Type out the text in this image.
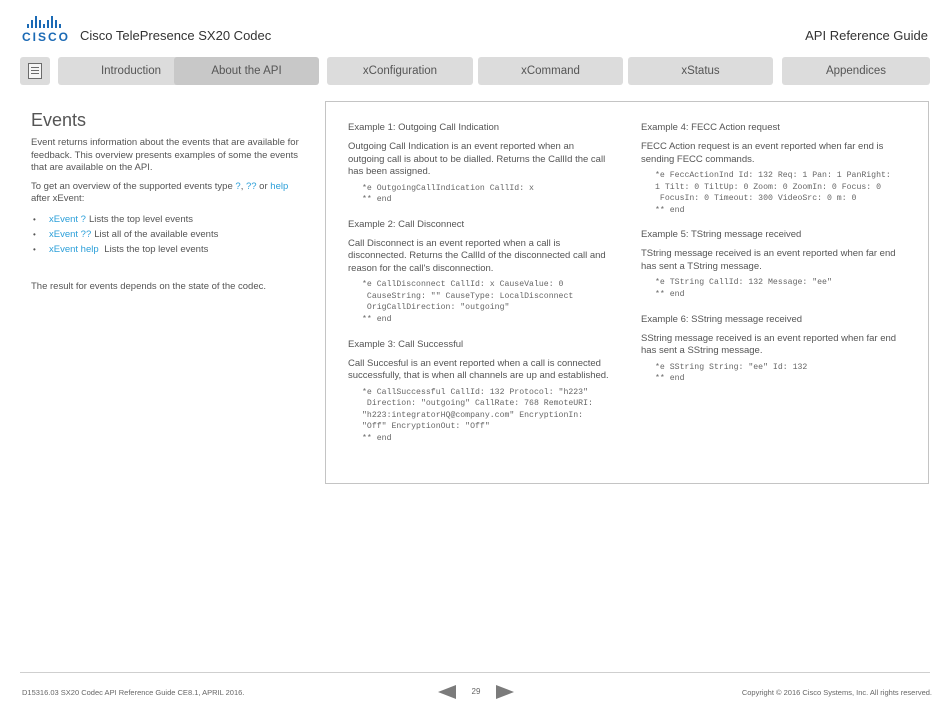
CISCO Cisco TelePresence SX20 Codec	API Reference Guide
Introduction	About the API	xConfiguration	xCommand	xStatus	Appendices
Events

Event returns information about the events that are available for feedback. This overview presents examples of some the events that are available on the API.

To get an overview of the supported events type ?, ?? or help after xEvent:

• xEvent ? Lists the top level events
• xEvent ?? List all of the available events
• xEvent help Lists the top level events

The result for events depends on the state of the codec.

Example 1: Outgoing Call Indication
Outgoing Call Indication is an event reported when an outgoing call is about to be dialled. Returns the CallId the call has been assigned.
*e OutgoingCallIndication CallId: x
** end
Example 2: Call Disconnect
Call Disconnect is an event reported when a call is disconnected. Returns the CallId of the disconnected call and reason for the call's disconnection.
*e CallDisconnect CallId: x CauseValue: 0
CauseString: "" CauseType: LocalDisconnect
OrigCallDirection: "outgoing"
** end
Example 3: Call Successful
Call Succesful is an event reported when a call is connected successfully, that is when all channels are up and established.
*e CallSuccessful CallId: 132 Protocol: "h223"
Direction: "outgoing" CallRate: 768 RemoteURI:
"h223:integratorHQ@company.com" EncryptionIn:
"Off" EncryptionOut: "Off"
** end
Example 4: FECC Action request
FECC Action request is an event reported when far end is sending FECC commands.
*e FeccActionInd Id: 132 Req: 1 Pan: 1 PanRight:
1 Tilt: 0 TiltUp: 0 Zoom: 0 ZoomIn: 0 Focus: 0
FocusIn: 0 Timeout: 300 VideoSrc: 0 m: 0
** end
Example 5: TString message received
TString message received is an event reported when far end has sent a TString message.
*e TString CallId: 132 Message: "ee"
** end
Example 6: SString message received
SString message received is an event reported when far end has sent a SString message.
*e SString String: "ee" Id: 132
** end
D15316.03 SX20 Codec API Reference Guide CE8.1, APRIL 2016.	29	Copyright © 2016 Cisco Systems, Inc. All rights reserved.
